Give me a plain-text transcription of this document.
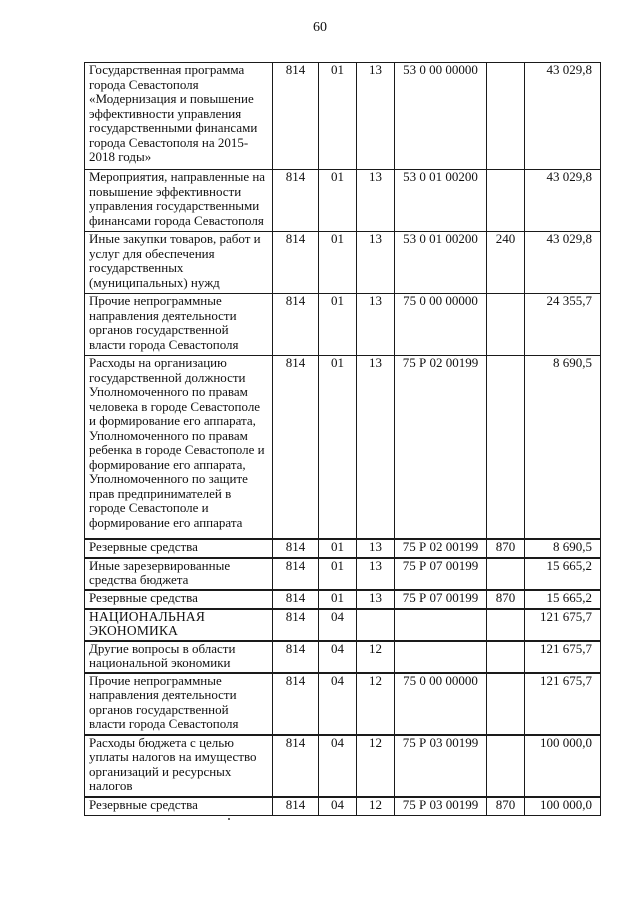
60
Государственная программа города Севастополя «Модернизация и повышение эффективности управления государственными финансами города Севастополя на 2015-2018 годы»	814	01	13	53 0 00 00000		43 029,8
Мероприятия, направленные на повышение эффективности управления государственными финансами города Севастополя	814	01	13	53 0 01 00200		43 029,8
Иные закупки товаров, работ и услуг для обеспечения государственных (муниципальных) нужд	814	01	13	53 0 01 00200	240	43 029,8
Прочие непрограммные направления деятельности органов государственной власти города Севастополя	814	01	13	75 0 00 00000		24 355,7
Расходы на организацию государственной должности Уполномоченного по правам человека в городе Севастополе и формирование его аппарата, Уполномоченного по правам ребенка в городе Севастополе и формирование его аппарата, Уполномоченного по защите прав предпринимателей в городе Севастополе и формирование его аппарата	814	01	13	75 Р 02 00199		8 690,5
Резервные средства	814	01	13	75 Р 02 00199	870	8 690,5
Иные зарезервированные средства бюджета	814	01	13	75 Р 07 00199		15 665,2
Резервные средства	814	01	13	75 Р 07 00199	870	15 665,2
НАЦИОНАЛЬНАЯ ЭКОНОМИКА	814	04				121 675,7
Другие вопросы в области национальной экономики	814	04	12			121 675,7
Прочие непрограммные направления деятельности органов государственной власти города Севастополя	814	04	12	75 0 00 00000		121 675,7
Расходы бюджета с целью уплаты налогов на имущество организаций и ресурсных налогов	814	04	12	75 Р 03 00199		100 000,0
Резервные средства	814	04	12	75 Р 03 00199	870	100 000,0
